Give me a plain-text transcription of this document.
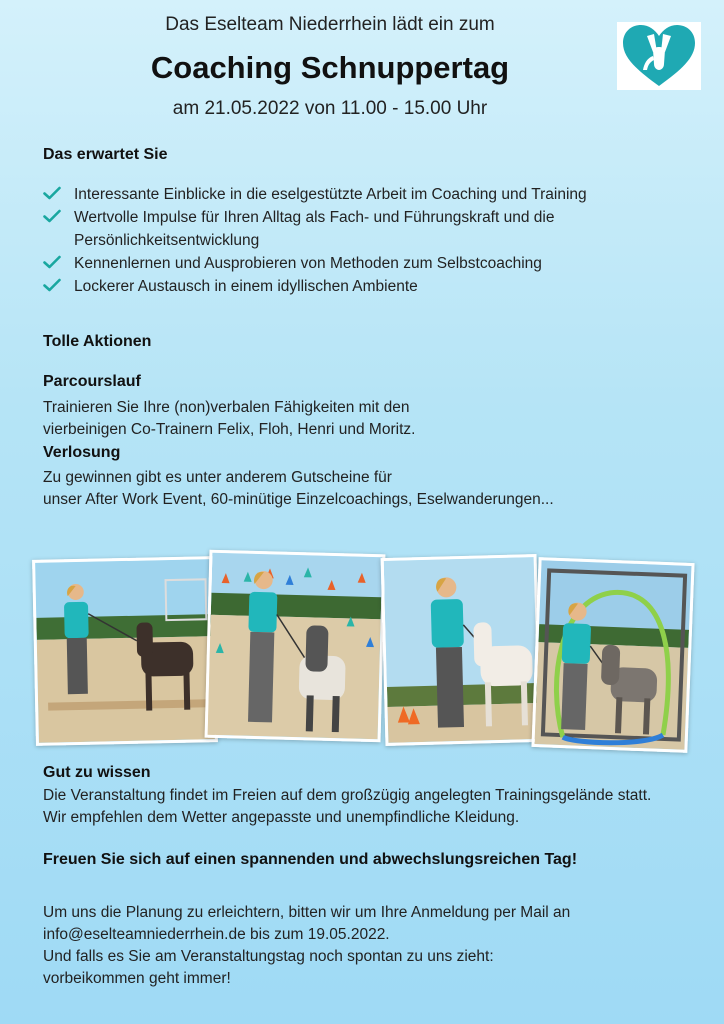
Das Eselteam Niederrhein lädt ein zum
Coaching Schnuppertag
am 21.05.2022 von 11.00 - 15.00 Uhr
Das erwartet Sie
Interessante Einblicke in die eselgestützte Arbeit im Coaching und Training
Wertvolle Impulse für Ihren Alltag als Fach- und Führungskraft und die Persönlichkeitsentwicklung
Kennenlernen und Ausprobieren von Methoden zum Selbstcoaching
Lockerer Austausch in einem idyllischen Ambiente
Tolle Aktionen
Parcourslauf
Trainieren Sie Ihre (non)verbalen Fähigkeiten mit den
vierbeinigen Co-Trainern Felix, Floh, Henri und Moritz.
Verlosung
Zu gewinnen gibt es unter anderem Gutscheine für
unser After Work Event, 60-minütige Einzelcoachings, Eselwanderungen...
Gut zu wissen
Die Veranstaltung findet im Freien auf dem großzügig angelegten Trainingsgelände statt.
Wir empfehlen dem Wetter angepasste und unempfindliche Kleidung.
Freuen Sie sich auf einen spannenden und abwechslungsreichen Tag!
Um uns die Planung zu erleichtern, bitten wir um Ihre Anmeldung per Mail an
info@eselteamniederrhein.de bis zum 19.05.2022.
Und falls es Sie am Veranstaltungstag noch spontan zu uns zieht:
vorbeikommen geht immer!
